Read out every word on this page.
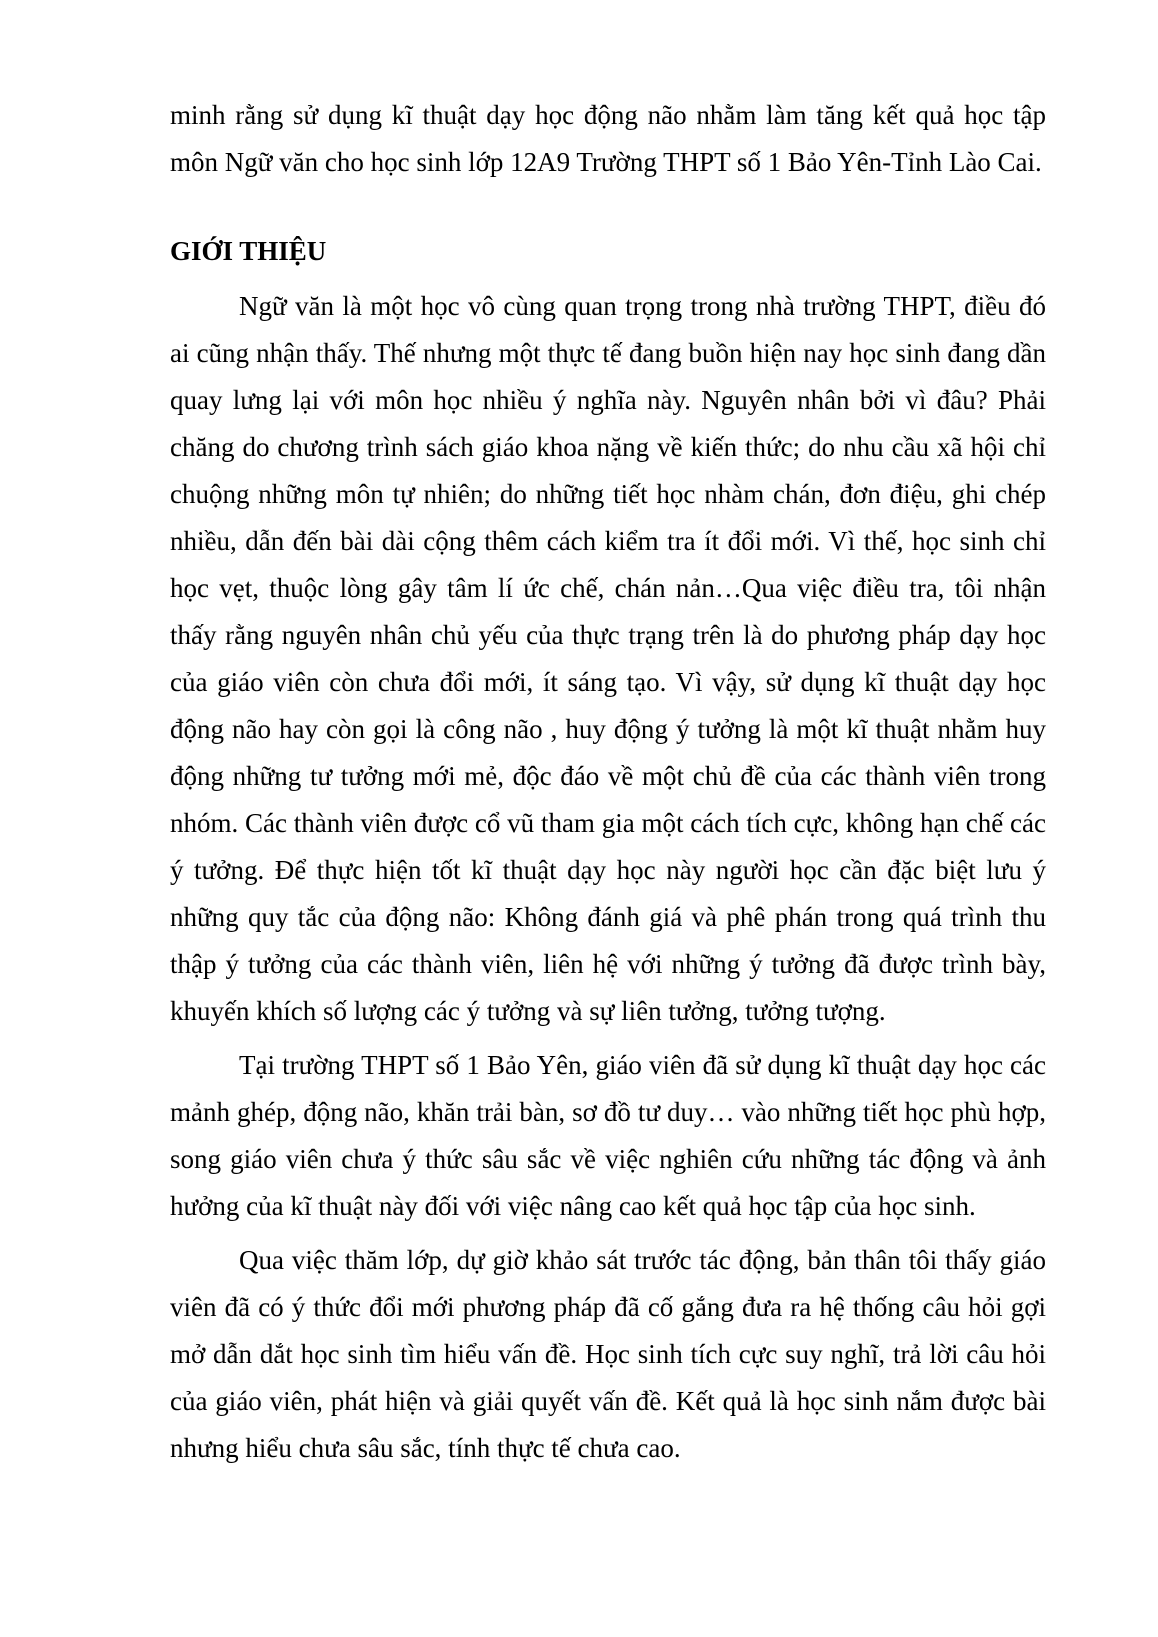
minh rằng sử dụng kĩ thuật dạy học động não nhằm làm tăng kết quả học tập môn Ngữ văn cho học sinh lớp 12A9 Trường THPT số 1 Bảo Yên-Tỉnh Lào Cai.

GIỚI THIỆU

Ngữ văn là một học vô cùng quan trọng trong nhà trường THPT, điều đó ai cũng nhận thấy. Thế nhưng một thực tế đang buồn hiện nay học sinh đang dần quay lưng lại với môn học nhiều ý nghĩa này. Nguyên nhân bởi vì đâu? Phải chăng do chương trình sách giáo khoa nặng về kiến thức; do nhu cầu xã hội chỉ chuộng những môn tự nhiên; do những tiết học nhàm chán, đơn điệu, ghi chép nhiều, dẫn đến bài dài cộng thêm cách kiểm tra ít đổi mới. Vì thế, học sinh chỉ học vẹt, thuộc lòng gây tâm lí ức chế, chán nản…Qua việc điều tra, tôi nhận thấy rằng nguyên nhân chủ yếu của thực trạng trên là do phương pháp dạy học của giáo viên còn chưa đổi mới, ít sáng tạo. Vì vậy, sử dụng kĩ thuật dạy học động não hay còn gọi là công não , huy động ý tưởng là một kĩ thuật nhằm huy động những tư tưởng mới mẻ, độc đáo về một chủ đề của các thành viên trong nhóm. Các thành viên được cổ vũ tham gia một cách tích cực, không hạn chế các ý tưởng. Để thực hiện tốt kĩ thuật dạy học này người học cần đặc biệt lưu ý những quy tắc của động não: Không đánh giá và phê phán trong quá trình thu thập ý tưởng của các thành viên, liên hệ với những ý tưởng đã được trình bày, khuyến khích số lượng các ý tưởng và sự liên tưởng, tưởng tượng.

Tại trường THPT số 1 Bảo Yên, giáo viên đã sử dụng kĩ thuật dạy học các mảnh ghép, động não, khăn trải bàn, sơ đồ tư duy… vào những tiết học phù hợp, song giáo viên chưa ý thức sâu sắc về việc nghiên cứu những tác động và ảnh hưởng của kĩ thuật này đối với việc nâng cao kết quả học tập của học sinh.

Qua việc thăm lớp, dự giờ khảo sát trước tác động, bản thân tôi thấy giáo viên đã có ý thức đổi mới phương pháp đã cố gắng đưa ra hệ thống câu hỏi gợi mở dẫn dắt học sinh tìm hiểu vấn đề. Học sinh tích cực suy nghĩ, trả lời câu hỏi của giáo viên, phát hiện và giải quyết vấn đề. Kết quả là học sinh nắm được bài nhưng hiểu chưa sâu sắc, tính thực tế chưa cao.
